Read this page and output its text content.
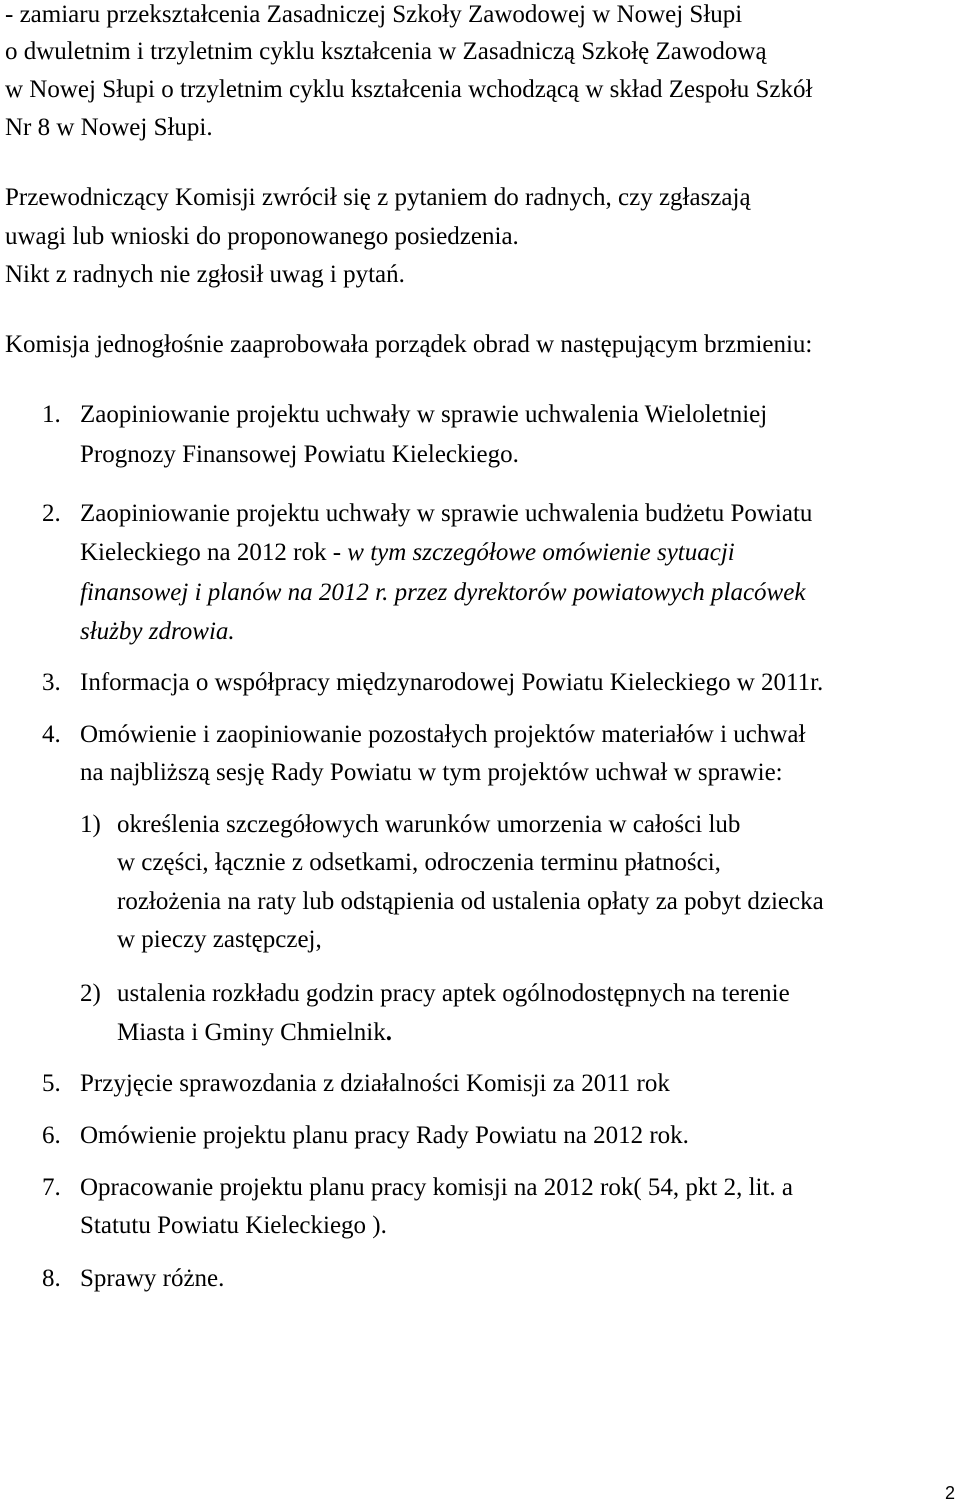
- zamiaru przekształcenia Zasadniczej Szkoły Zawodowej w Nowej Słupi
o dwuletnim i trzyletnim cyklu kształcenia w Zasadniczą Szkołę Zawodową
w Nowej Słupi o trzyletnim cyklu kształcenia wchodzącą w skład Zespołu Szkół
Nr 8 w Nowej Słupi.
Przewodniczący Komisji zwrócił się z pytaniem do radnych, czy zgłaszają
uwagi lub wnioski do proponowanego posiedzenia.
Nikt z radnych nie zgłosił uwag i pytań.
Komisja jednogłośnie zaaprobowała porządek obrad w następującym brzmieniu:
1. Zaopiniowanie projektu uchwały w sprawie uchwalenia Wieloletniej
Prognozy Finansowej Powiatu Kieleckiego.
2. Zaopiniowanie projektu uchwały w sprawie uchwalenia budżetu Powiatu
Kieleckiego na 2012 rok - w tym szczegółowe omówienie sytuacji
finansowej i planów na 2012 r. przez dyrektorów powiatowych placówek
służby zdrowia.
3. Informacja o współpracy międzynarodowej Powiatu Kieleckiego w 2011r.
4. Omówienie i zaopiniowanie pozostałych projektów materiałów i uchwał
na najbliższą sesję Rady Powiatu w tym projektów uchwał w sprawie:
1) określenia szczegółowych warunków umorzenia w całości lub
w części, łącznie z odsetkami, odroczenia terminu płatności,
rozłożenia na raty lub odstąpienia od ustalenia opłaty za pobyt dziecka
w pieczy zastępczej,
2) ustalenia rozkładu godzin pracy aptek ogólnodostępnych na terenie
Miasta i Gminy Chmielnik.
5. Przyjęcie sprawozdania z działalności Komisji za 2011 rok
6. Omówienie projektu planu pracy Rady Powiatu na 2012 rok.
7. Opracowanie projektu planu pracy komisji na 2012 rok( 54, pkt 2, lit. a
Statutu Powiatu Kieleckiego ).
8. Sprawy różne.
2
